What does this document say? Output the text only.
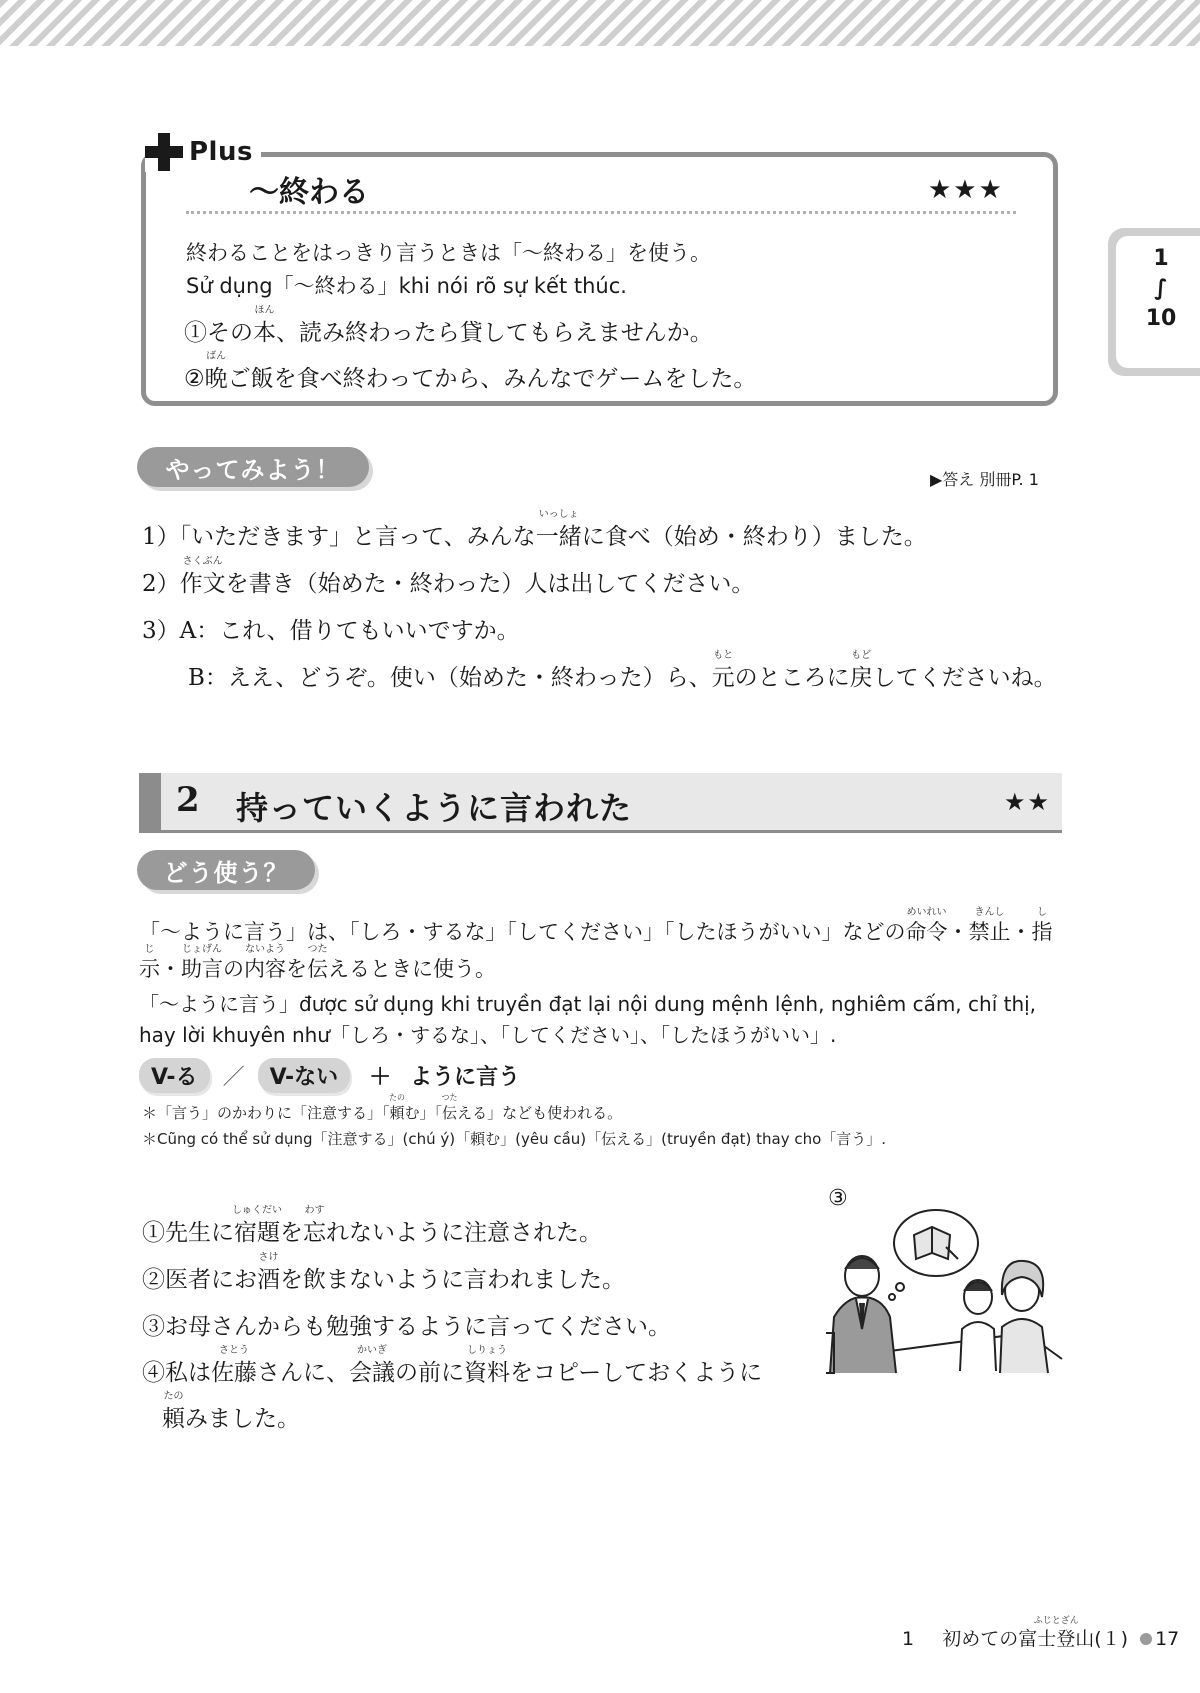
1
∫
10
Plus
〜終わる	★★★
終わることをはっきり言うときは「〜終わる」を使う。
Sử dụng「〜終わる」khi nói rõ sự kết thúc.
①その
ほん
本、読み終わったら貸してもらえませんか。
②
ばん
晩ご飯を食べ終わってから、みんなでゲームをした。
やってみよう！	▶答え 別冊P. 1
1）「いただきます」と言って、みんな
いっしょ
一緒に食べ（始め・終わり）ました。
2）
さくぶん
作文を書き（始めた・終わった）人は出してください。
3）A：これ、借りてもいいですか。
B：ええ、どうぞ。使い（始めた・終わった）ら、
もと
元のところに
もど
戻してくださいね。
2 持っていくように言われた	★★
どう使う？
「〜ように言う」は、「しろ・するな」「してください」「したほうがいい」などの
めいれい
命令・
きんし
禁止・
し
指
じ
示・
じょげん
助言の
ないよう
内容を
つた
伝えるときに使う。
「〜ように言う」được sử dụng khi truyền đạt lại nội dung mệnh lệnh, nghiêm cấm, chỉ thị,
hay lời khuyên như「しろ・するな」、「してください」、「したほうがいい」.
V-る ／ V-ない ＋ ように言う
＊「言う」のかわりに「注意する」「
たの
頼む」「
つた
伝える」なども使われる。
＊Cũng có thể sử dụng「注意する」(chú ý)「頼む」(yêu cầu)「伝える」(truyền đạt) thay cho「言う」.
①先生に
しゅくだい
宿題を
わす
忘れないように注意された。
②医者にお
さけ
酒を飲まないように言われました。
③お母さんからも勉強するように言ってください。
④私は
さとう
佐藤さんに、
かいぎ
会議の前に
しりょう
資料をコピーしておくように
たの
頼みました。
③
1 初めての
ふじとざん
富士登山(１) 17
